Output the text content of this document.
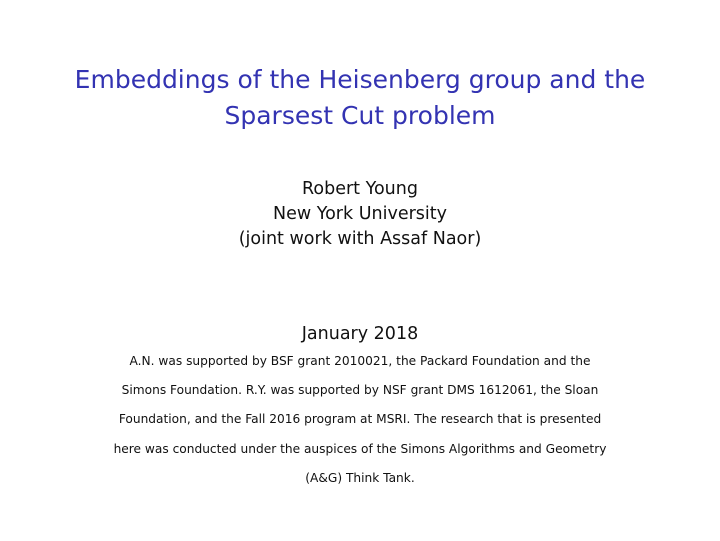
Embeddings of the Heisenberg group and the
Sparsest Cut problem
Robert Young
New York University
(joint work with Assaf Naor)
January 2018
A.N. was supported by BSF grant 2010021, the Packard Foundation and the
Simons Foundation. R.Y. was supported by NSF grant DMS 1612061, the Sloan
Foundation, and the Fall 2016 program at MSRI. The research that is presented
here was conducted under the auspices of the Simons Algorithms and Geometry
(A&G) Think Tank.
